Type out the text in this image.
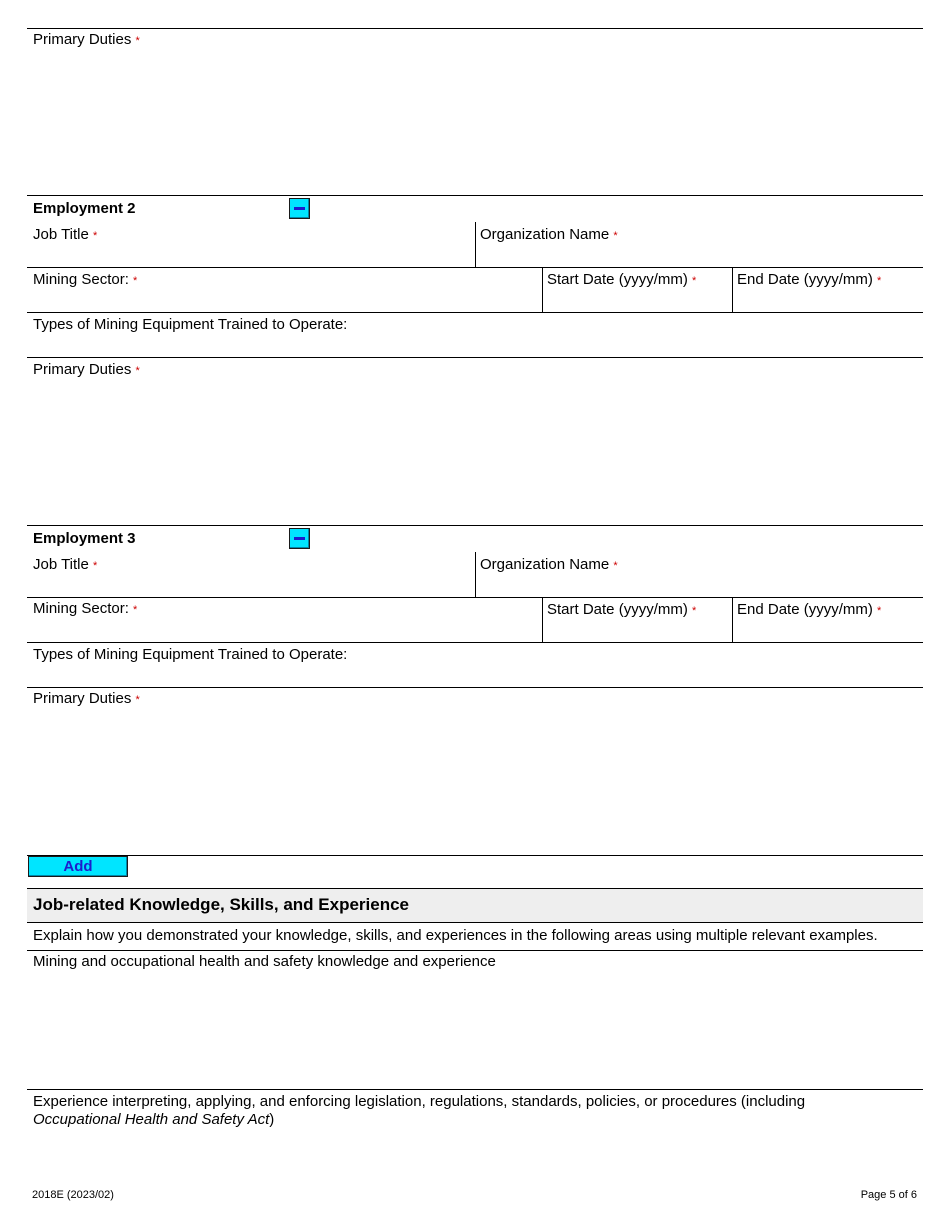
Primary Duties *
Employment 2
Job Title *	Organization Name *
Mining Sector: *	Start Date (yyyy/mm) *	End Date (yyyy/mm) *
Types of Mining Equipment Trained to Operate:
Primary Duties *
Employment 3
Job Title *	Organization Name *
Mining Sector: *	Start Date (yyyy/mm) *	End Date (yyyy/mm) *
Types of Mining Equipment Trained to Operate:
Primary Duties *
Add
Job-related Knowledge, Skills, and Experience
Explain how you demonstrated your knowledge, skills, and experiences in the following areas using multiple relevant examples.
Mining and occupational health and safety knowledge and experience
Experience interpreting, applying, and enforcing legislation, regulations, standards, policies, or procedures (including
Occupational Health and Safety Act)
2018E (2023/02)	Page 5 of 6
